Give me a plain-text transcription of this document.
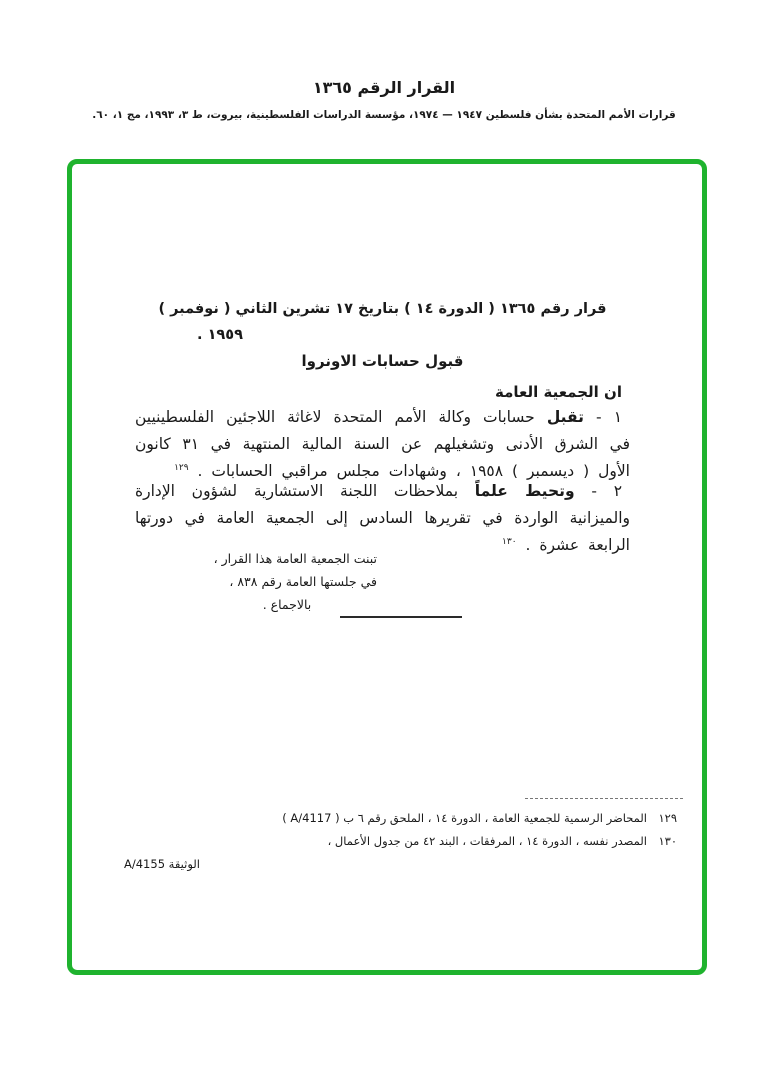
القرار الرقم ١٣٦٥
قرارات الأمم المتحدة بشأن فلسطين ١٩٤٧ — ١٩٧٤، مؤسسة الدراسات الفلسطينية، بيروت، ط ٣، ١٩٩٣، مج ١، ٦٠.
قرار رقم ١٣٦٥ ( الدورة ١٤ ) بتاريخ ١٧ تشرين الثاني ( نوفمبر )
١٩٥٩ .
قبول حسابات الاونروا
ان الجمعية العامة
١ - تقبل حسابات وكالة الأمم المتحدة لاغاثة اللاجئين الفلسطينيين في الشرق الأدنى وتشغيلهم عن السنة المالية المنتهية في ٣١ كانون الأول ( ديسمبر ) ١٩٥٨ ، وشهادات مجلس مراقبي الحسابات . $^{١٢٩}$
٢ - وتحيط علماً بملاحظات اللجنة الاستشارية لشؤون الإدارة والميزانية الواردة في تقريرها السادس إلى الجمعية العامة في دورتها الرابعة عشرة . $^{١٣٠}$
تبنت الجمعية العامة هذا القرار ،
في جلستها العامة رقم ٨٣٨ ،
بالاجماع .
١٢٩
المحاضر الرسمية للجمعية العامة ، الدورة ١٤ ، الملحق رقم ٦ ب ( A/4117 )
١٣٠
المصدر نفسه ، الدورة ١٤ ، المرفقات ، البند ٤٢ من جدول الأعمال ،
الوثيقة A/4155
